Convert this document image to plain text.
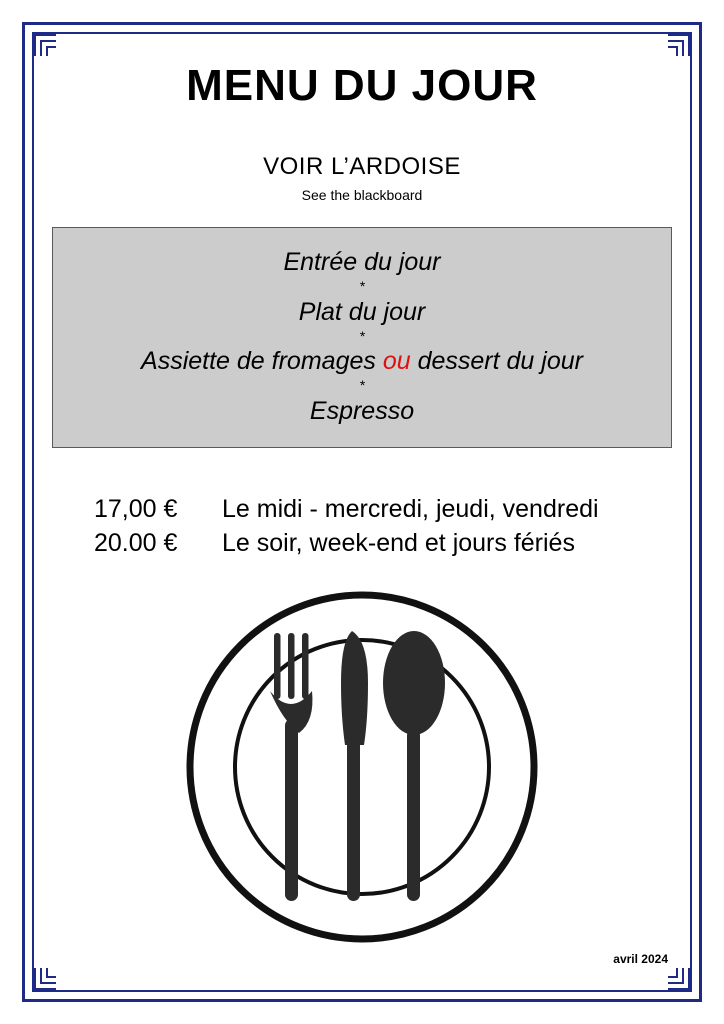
MENU DU JOUR
VOIR L’ARDOISE
See the blackboard
Entrée du jour
*
Plat du jour
*
Assiette de fromages ou dessert du jour
*
Espresso
17,00 €	Le midi - mercredi, jeudi, vendredi
20.00 €	Le soir, week-end et jours fériés
avril 2024
